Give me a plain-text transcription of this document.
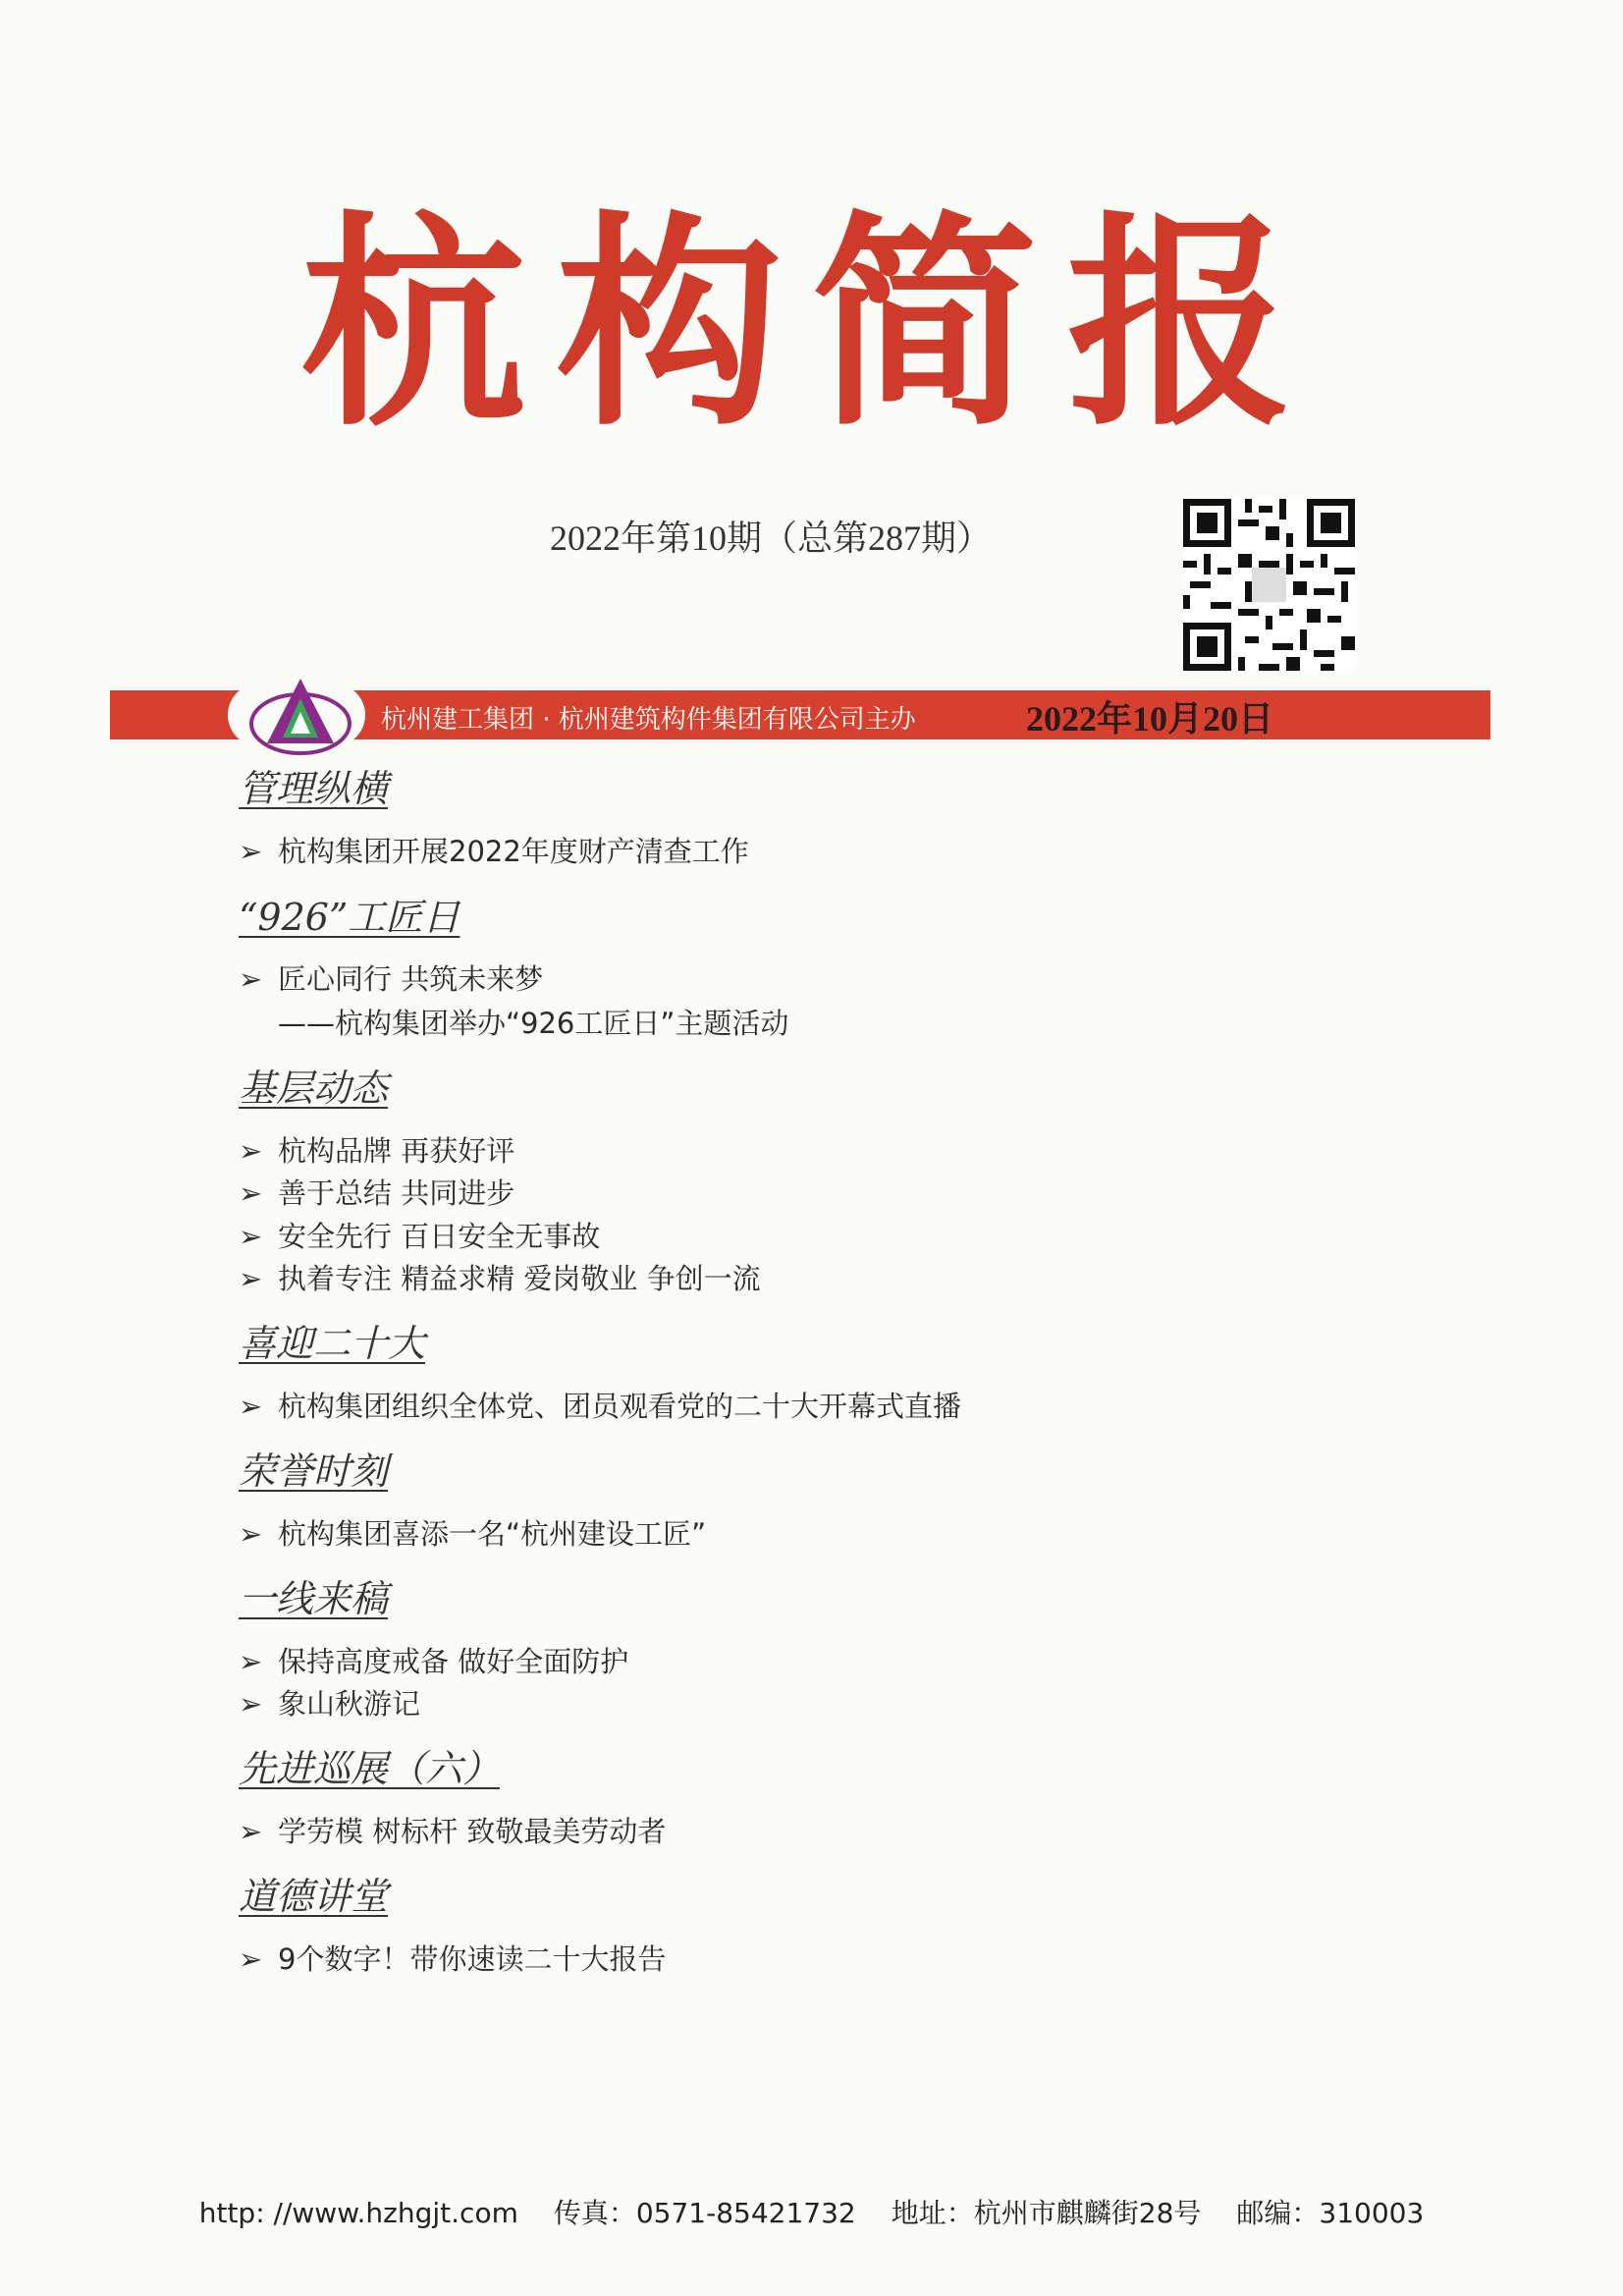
杭构简报
2022年第10期（总第287期）
杭州建工集团 · 杭州建筑构件集团有限公司主办	2022年10月20日
管理纵横
➢ 杭构集团开展2022年度财产清查工作
“926”工匠日
➢ 匠心同行 共筑未来梦
——杭构集团举办“926工匠日”主题活动
基层动态
➢ 杭构品牌 再获好评
➢ 善于总结 共同进步
➢ 安全先行 百日安全无事故
➢ 执着专注 精益求精 爱岗敬业 争创一流
喜迎二十大
➢ 杭构集团组织全体党、团员观看党的二十大开幕式直播
荣誉时刻
➢ 杭构集团喜添一名“杭州建设工匠”
一线来稿
➢ 保持高度戒备 做好全面防护
➢ 象山秋游记
先进巡展（六）
➢ 学劳模 树标杆 致敬最美劳动者
道德讲堂
➢ 9个数字！带你速读二十大报告
http: //www.hzhgjt.com 传真：0571-85421732 地址：杭州市麒麟街28号 邮编：310003
